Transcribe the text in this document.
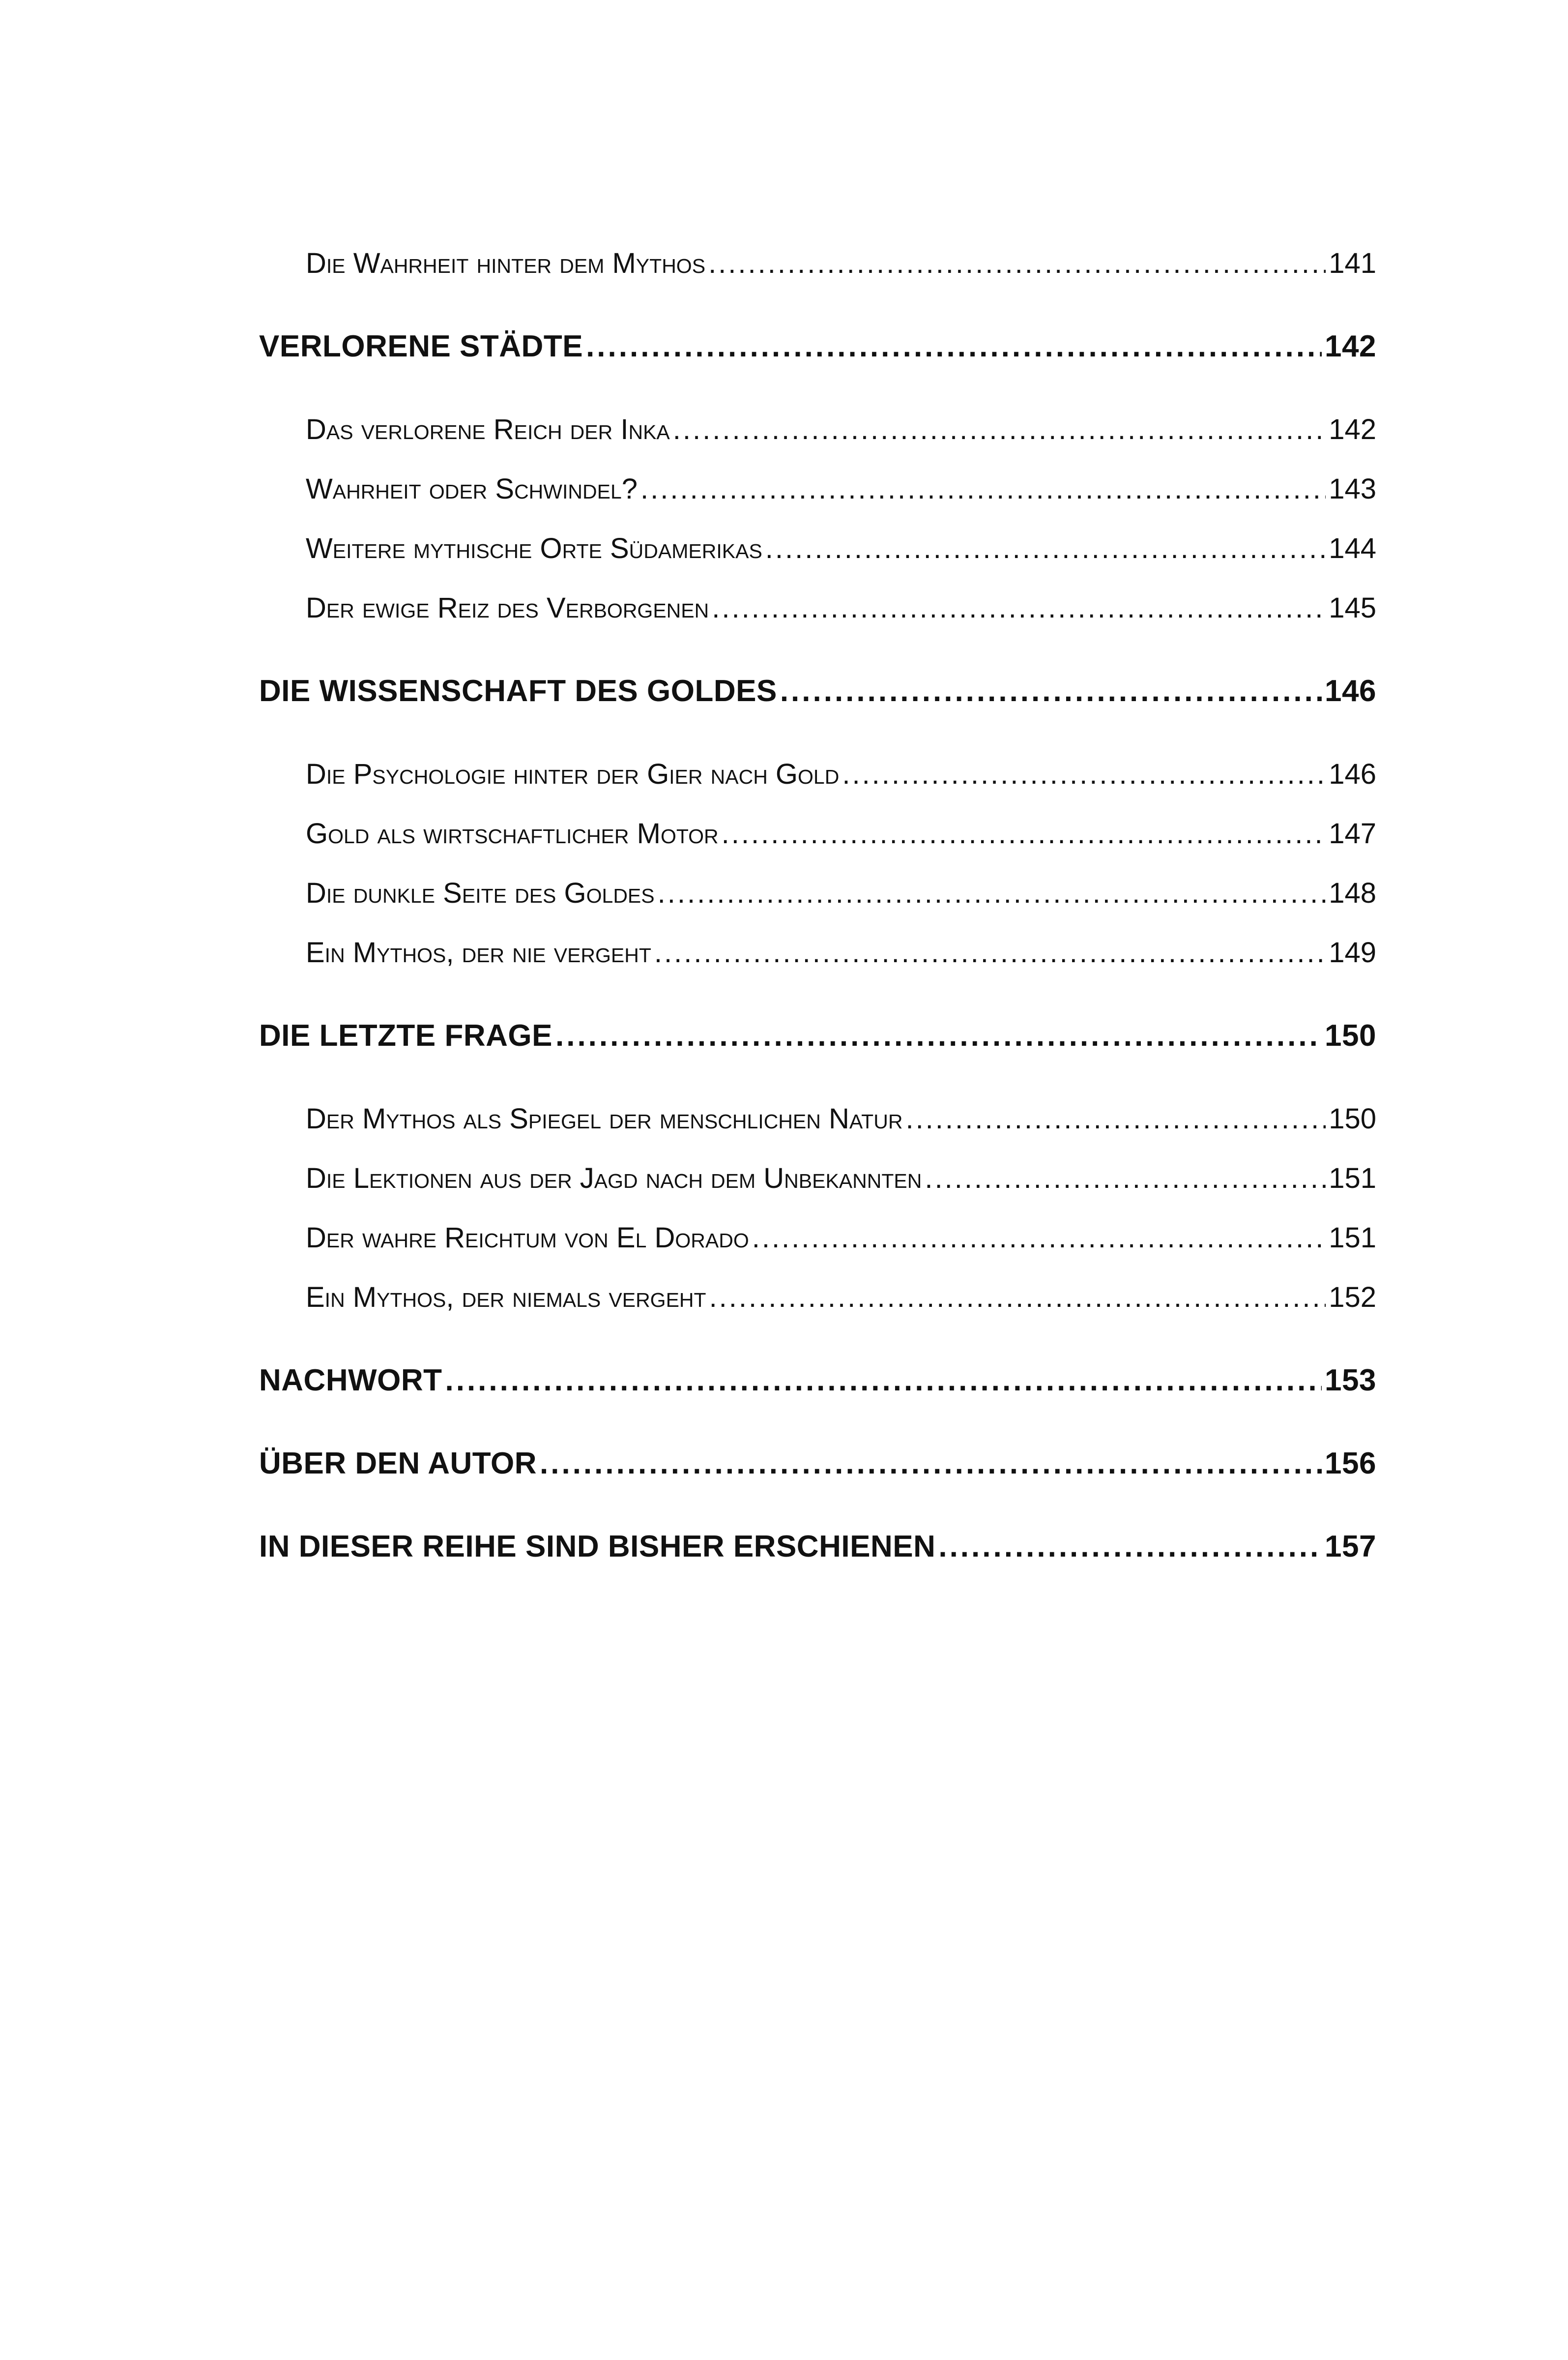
Die Wahrheit hinter dem Mythos .....	141
VERLORENE STÄDTE .....	142
Das verlorene Reich der Inka .....	142
Wahrheit oder Schwindel? .....	143
Weitere mythische Orte Südamerikas .....	144
Der ewige Reiz des Verborgenen .....	145
DIE WISSENSCHAFT DES GOLDES .....	146
Die Psychologie hinter der Gier nach Gold .....	146
Gold als wirtschaftlicher Motor .....	147
Die dunkle Seite des Goldes .....	148
Ein Mythos, der nie vergeht .....	149
DIE LETZTE FRAGE .....	150
Der Mythos als Spiegel der menschlichen Natur .....	150
Die Lektionen aus der Jagd nach dem Unbekannten .....	151
Der wahre Reichtum von El Dorado .....	151
Ein Mythos, der niemals vergeht .....	152
NACHWORT .....	153
ÜBER DEN AUTOR .....	156
IN DIESER REIHE SIND BISHER ERSCHIENEN .....	157
